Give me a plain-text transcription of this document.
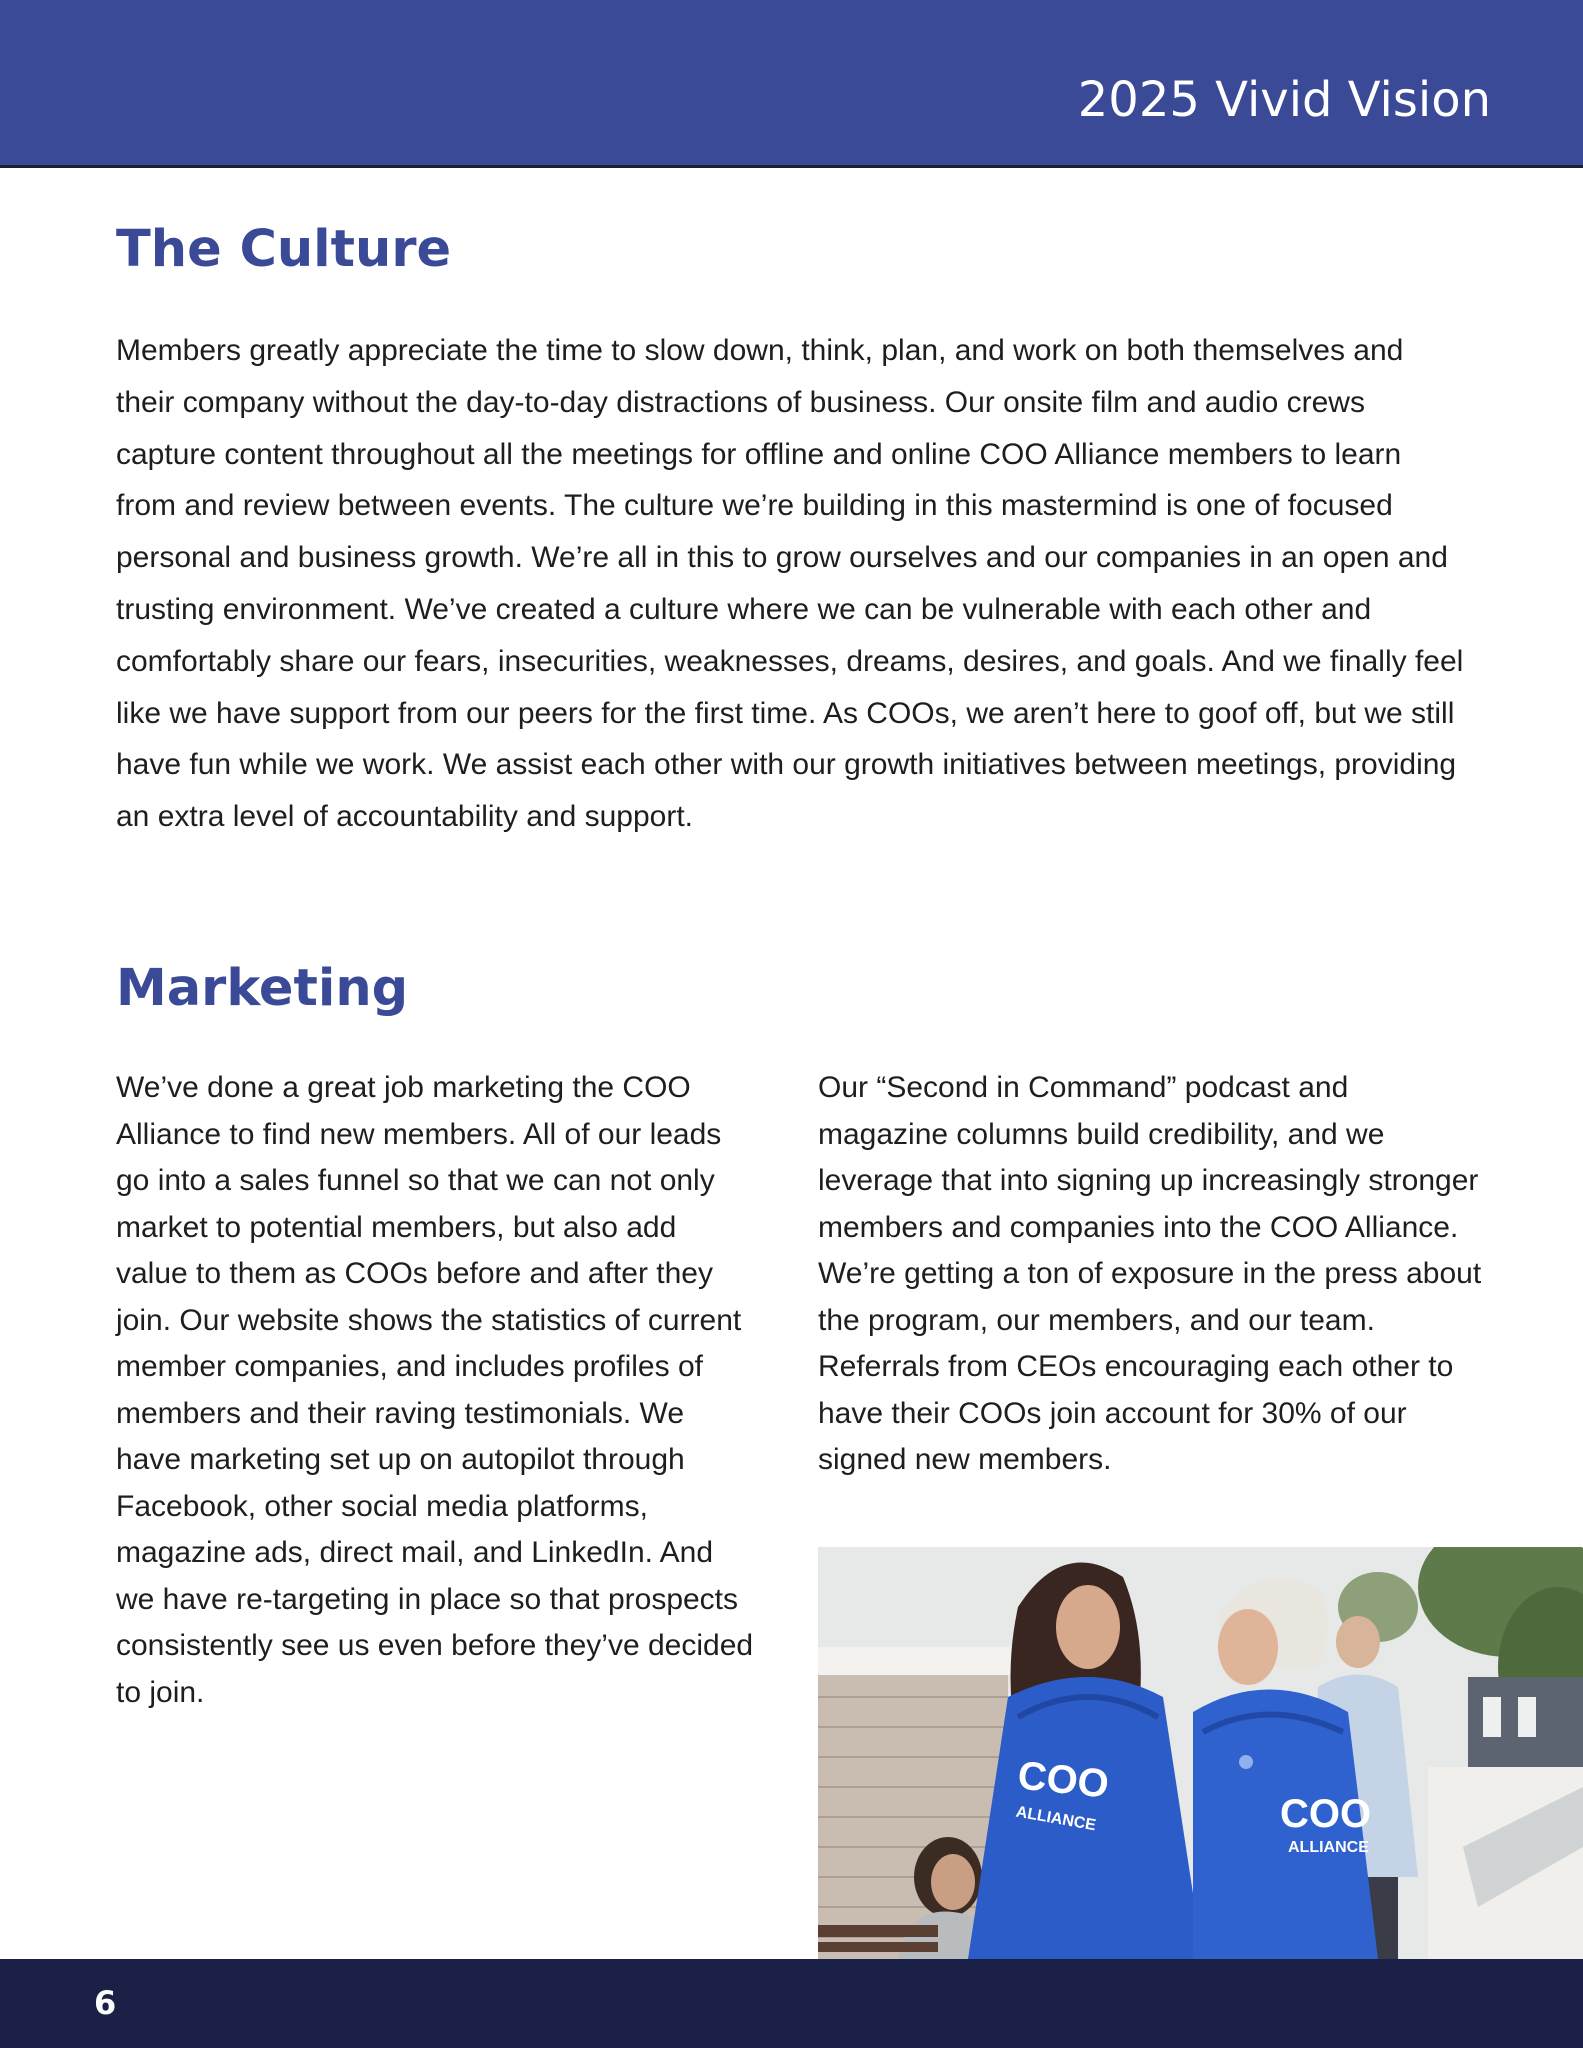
2025 Vivid Vision
The Culture

Members greatly appreciate the time to slow down, think, plan, and work on both themselves and their company without the day-to-day distractions of business. Our onsite film and audio crews capture content throughout all the meetings for offline and online COO Alliance members to learn from and review between events. The culture we’re building in this mastermind is one of focused personal and business growth. We’re all in this to grow ourselves and our companies in an open and trusting environment. We’ve created a culture where we can be vulnerable with each other and comfortably share our fears, insecurities, weaknesses, dreams, desires, and goals. And we finally feel like we have support from our peers for the first time. As COOs, we aren’t here to goof off, but we still have fun while we work. We assist each other with our growth initiatives between meetings, providing an extra level of accountability and support.

Marketing

We’ve done a great job marketing the COO Alliance to find new members. All of our leads go into a sales funnel so that we can not only market to potential members, but also add value to them as COOs before and after they join. Our website shows the statistics of current member companies, and includes profiles of members and their raving testimonials. We have marketing set up on autopilot through Facebook, other social media platforms, magazine ads, direct mail, and LinkedIn. And we have re-targeting in place so that prospects consistently see us even before they’ve decided to join.

Our “Second in Command” podcast and magazine columns build credibility, and we leverage that into signing up increasingly stronger members and companies into the COO Alliance. We’re getting a ton of exposure in the press about the program, our members, and our team. Referrals from CEOs encouraging each other to have their COOs join account for 30% of our signed new members.

COO
ALLIANCE	COO
ALLIANCE
6
